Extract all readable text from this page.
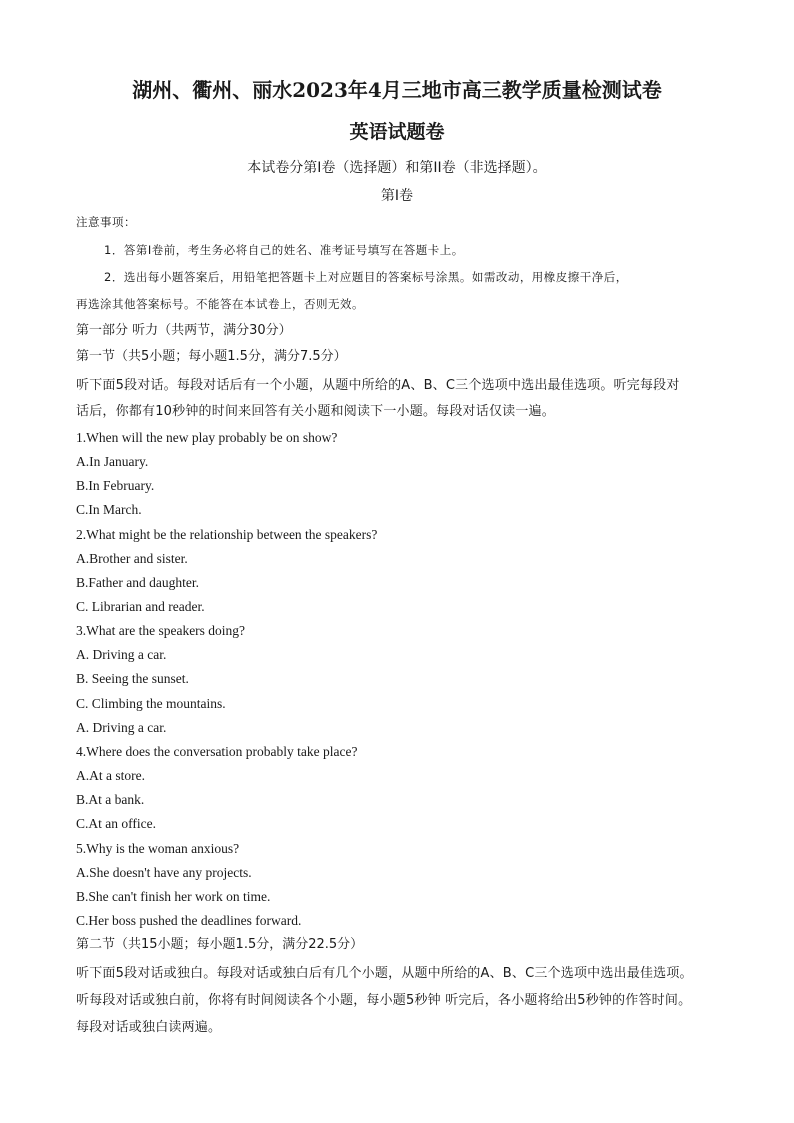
湖州、衢州、丽水2023年4月三地市高三教学质量检测试卷
英语试题卷
本试卷分第Ⅰ卷（选择题）和第II卷（非选择题）。
第Ⅰ卷
注意事项：
1．答第Ⅰ卷前，考生务必将自己的姓名、准考证号填写在答题卡上。
2．选出每小题答案后，用铅笔把答题卡上对应题目的答案标号涂黑。如需改动，用橡皮擦干净后，
再选涂其他答案标号。不能答在本试卷上，否则无效。
第一部分 听力（共两节，满分30分）
第一节（共5小题；每小题1.5分，满分7.5分）
听下面5段对话。每段对话后有一个小题，从题中所给的A、B、C三个选项中选出最佳选项。听完每段对
话后，你都有10秒钟的时间来回答有关小题和阅读下一小题。每段对话仅读一遍。
1.When will the new play probably be on show?
A.In January.
B.In February.
C.In March.
2.What might be the relationship between the speakers?
A.Brother and sister.
B.Father and daughter.
C. Librarian and reader.
3.What are the speakers doing?
A. Driving a car.
B. Seeing the sunset.
C. Climbing the mountains.
A. Driving a car.
4.Where does the conversation probably take place?
A.At a store.
B.At a bank.
C.At an office.
5.Why is the woman anxious?
A.She doesn't have any projects.
B.She can't finish her work on time.
C.Her boss pushed the deadlines forward.
第二节（共15小题；每小题1.5分，满分22.5分）
听下面5段对话或独白。每段对话或独白后有几个小题，从题中所给的A、B、C三个选项中选出最佳选项。
听每段对话或独白前，你将有时间阅读各个小题，每小题5秒钟 听完后，各小题将给出5秒钟的作答时间。
每段对话或独白读两遍。
